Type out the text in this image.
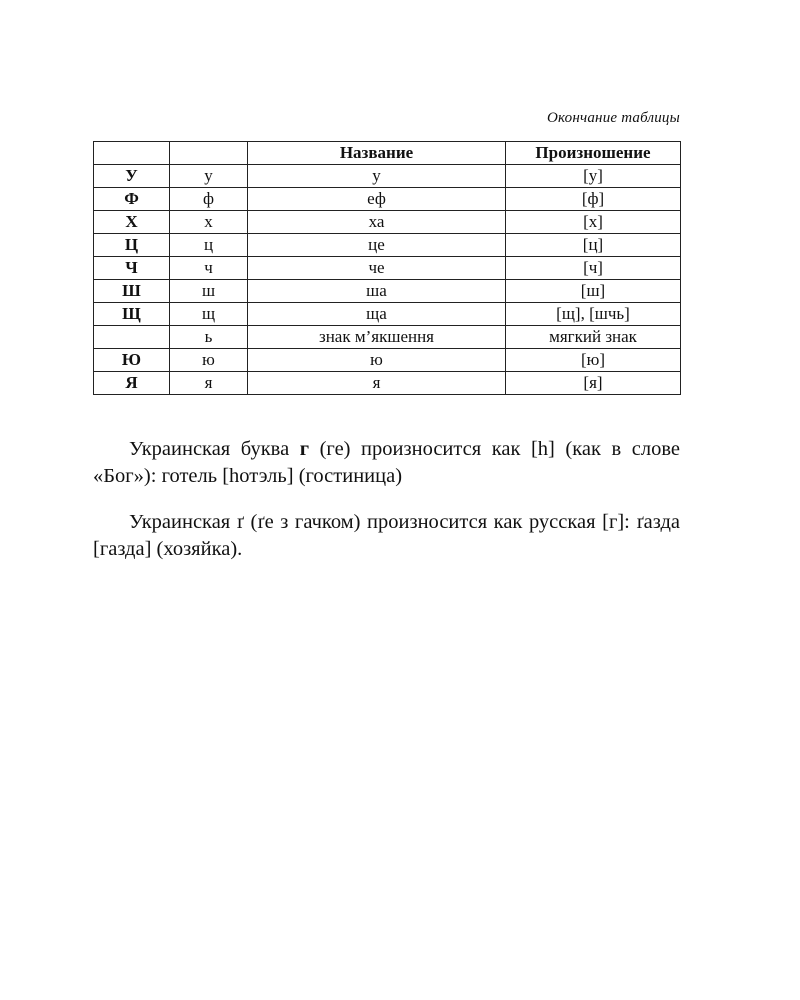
Окончание таблицы
		Название	Произношение
У	у	у	[у]
Ф	ф	еф	[ф]
Х	х	ха	[х]
Ц	ц	це	[ц]
Ч	ч	че	[ч]
Ш	ш	ша	[ш]
Щ	щ	ща	[щ], [шчь]
	ь	знак м’якшення	мягкий знак
Ю	ю	ю	[ю]
Я	я	я	[я]

Украинская буква г (ге) произносится как [h] (как в слове «Бог»): готель [hотэль] (гостиница)

Украинская ґ (ґе з гачком) произносится как русская [г]: ґазда [газда] (хозяйка).
